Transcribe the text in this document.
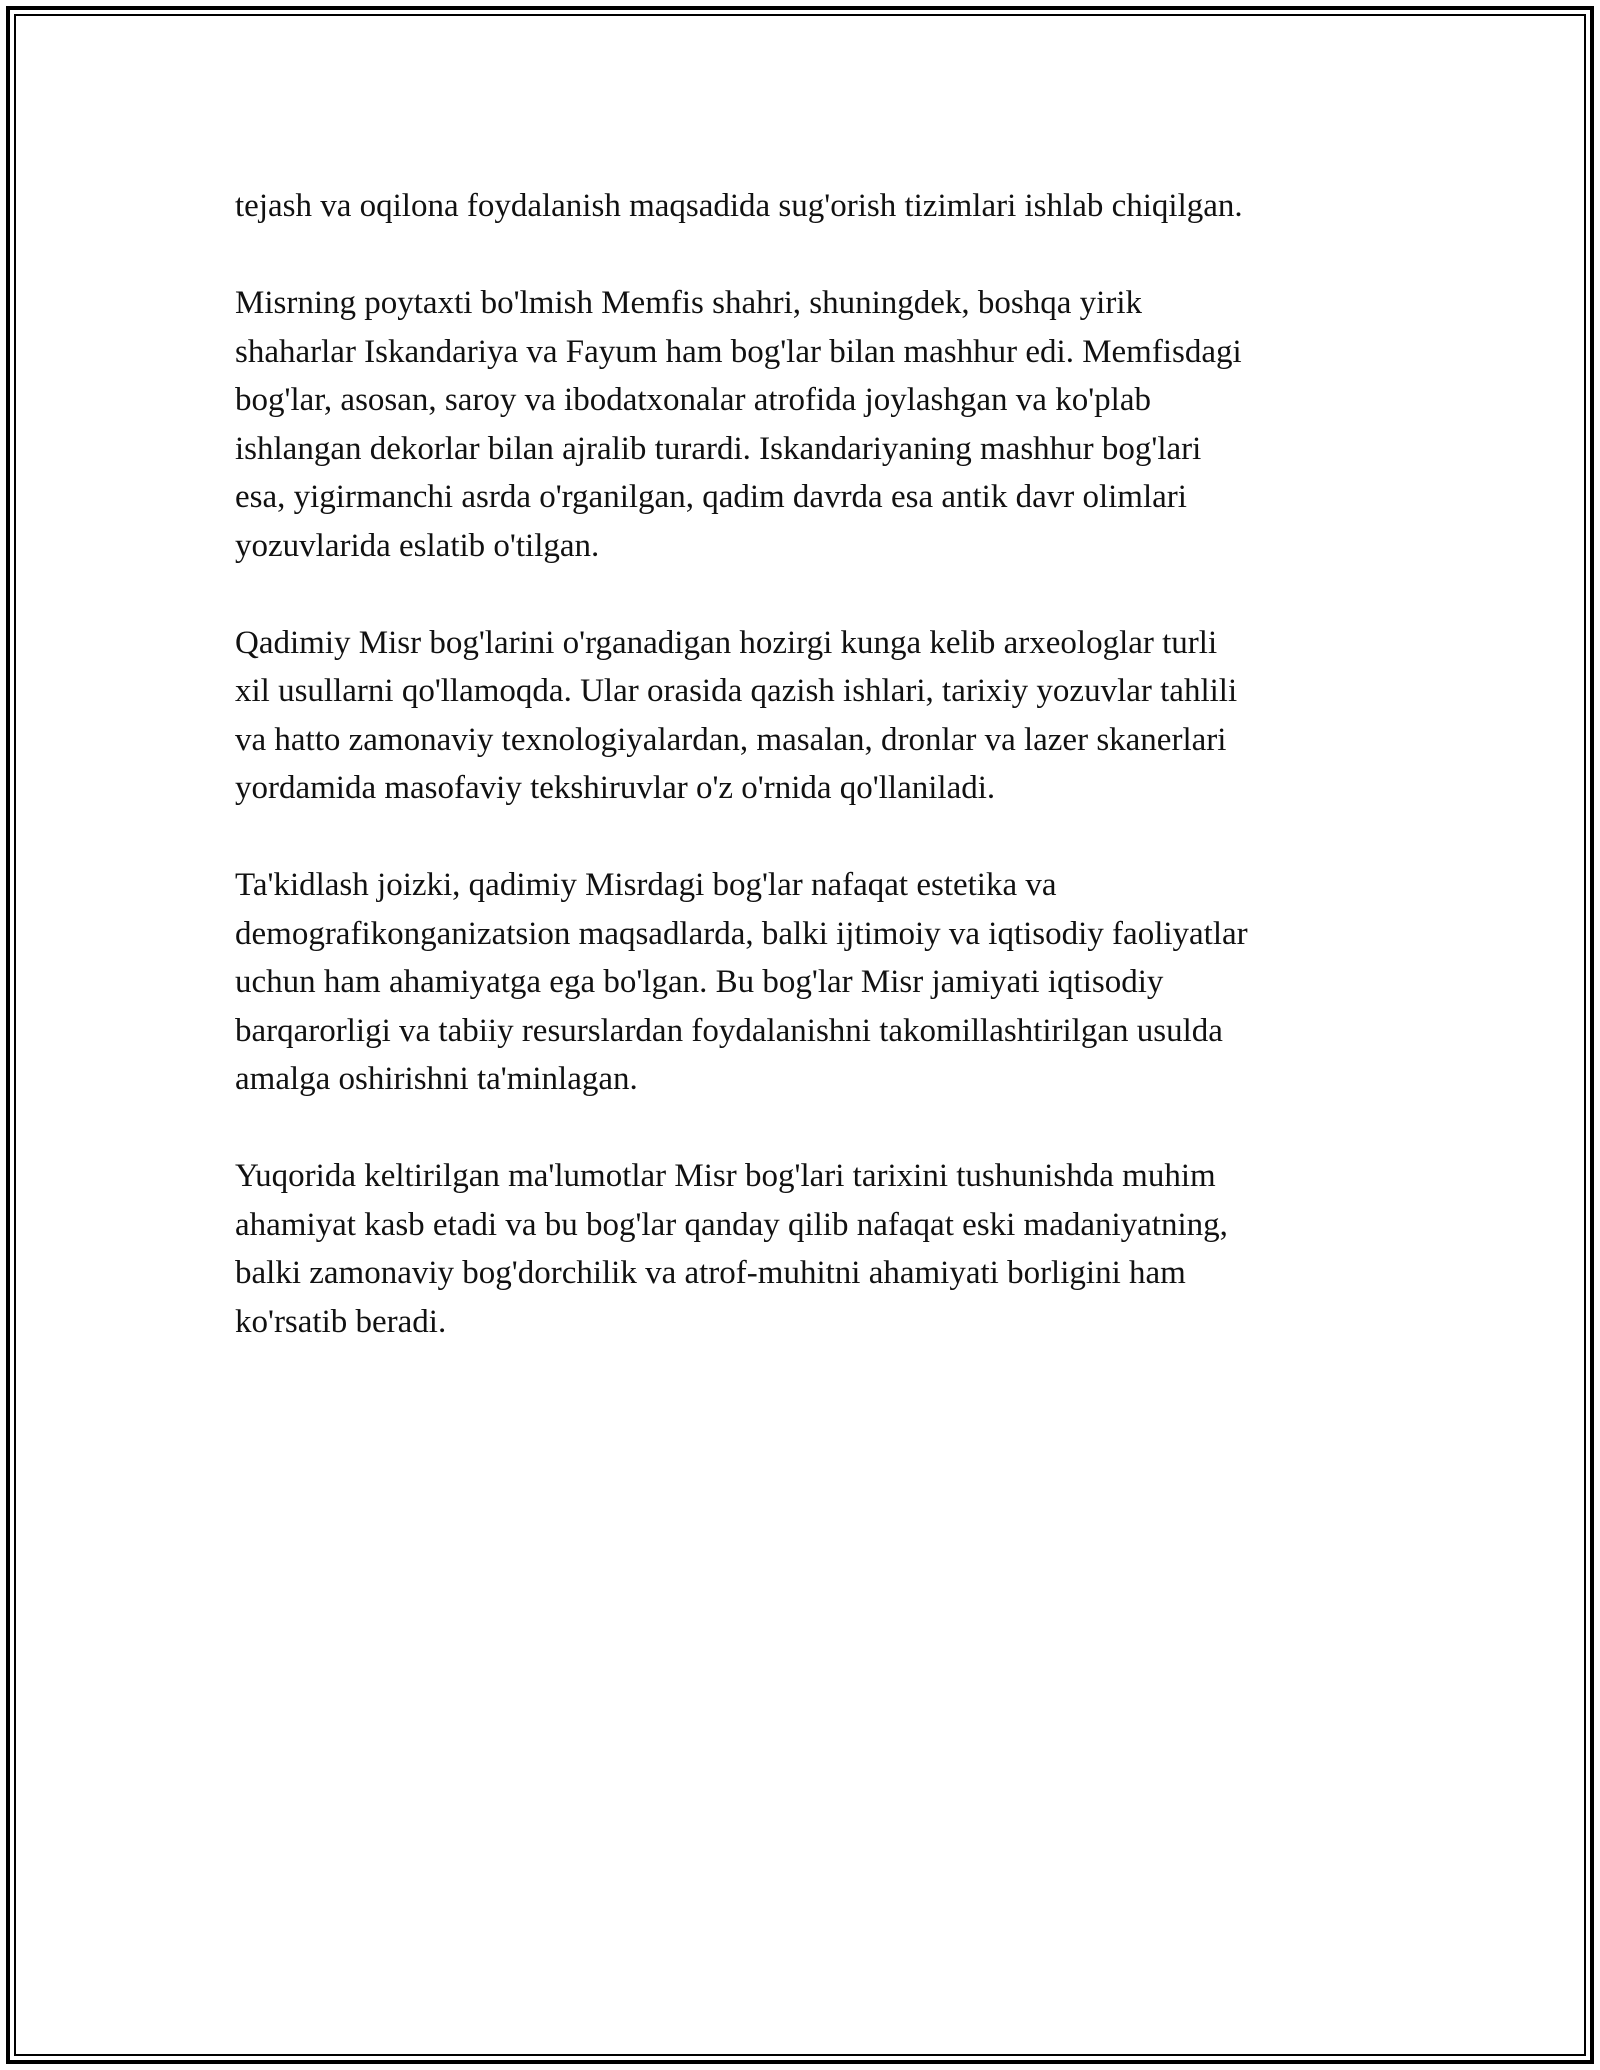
tejash va oqilona foydalanish maqsadida sug'orish tizimlari ishlab chiqilgan.

Misrning poytaxti bo'lmish Memfis shahri, shuningdek, boshqa yirik
shaharlar Iskandariya va Fayum ham bog'lar bilan mashhur edi. Memfisdagi
bog'lar, asosan, saroy va ibodatxonalar atrofida joylashgan va ko'plab
ishlangan dekorlar bilan ajralib turardi. Iskandariyaning mashhur bog'lari
esa, yigirmanchi asrda o'rganilgan, qadim davrda esa antik davr olimlari
yozuvlarida eslatib o'tilgan.

Qadimiy Misr bog'larini o'rganadigan hozirgi kunga kelib arxeologlar turli
xil usullarni qo'llamoqda. Ular orasida qazish ishlari, tarixiy yozuvlar tahlili
va hatto zamonaviy texnologiyalardan, masalan, dronlar va lazer skanerlari
yordamida masofaviy tekshiruvlar o'z o'rnida qo'llaniladi.

Ta'kidlash joizki, qadimiy Misrdagi bog'lar nafaqat estetika va
demografikonganizatsion maqsadlarda, balki ijtimoiy va iqtisodiy faoliyatlar
uchun ham ahamiyatga ega bo'lgan. Bu bog'lar Misr jamiyati iqtisodiy
barqarorligi va tabiiy resurslardan foydalanishni takomillashtirilgan usulda
amalga oshirishni ta'minlagan.

Yuqorida keltirilgan ma'lumotlar Misr bog'lari tarixini tushunishda muhim
ahamiyat kasb etadi va bu bog'lar qanday qilib nafaqat eski madaniyatning,
balki zamonaviy bog'dorchilik va atrof-muhitni ahamiyati borligini ham
ko'rsatib beradi.
